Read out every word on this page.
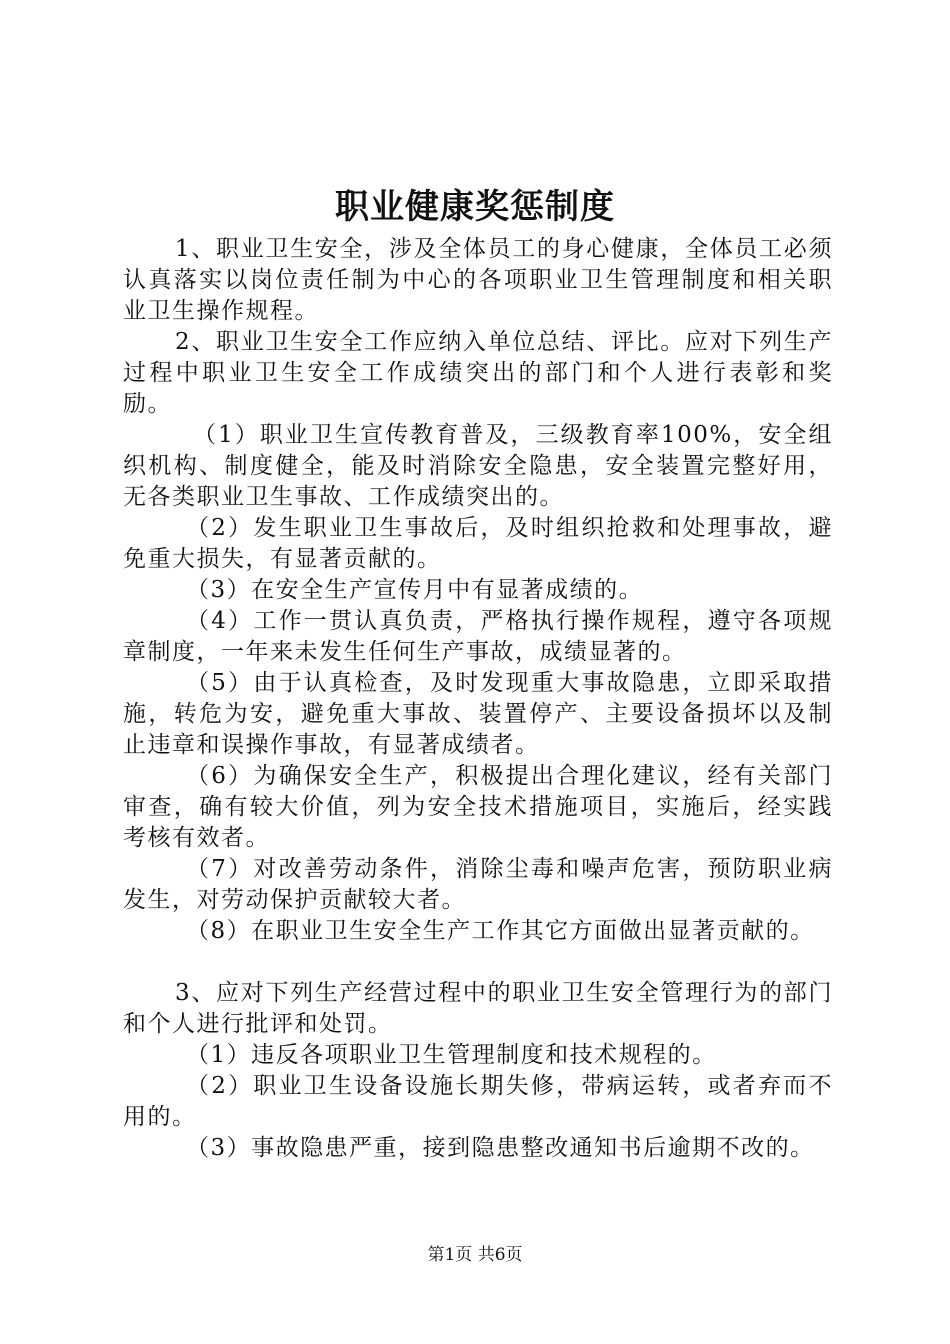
职业健康奖惩制度

1、职业卫生安全，涉及全体员工的身心健康，全体员工必须认真落实以岗位责任制为中心的各项职业卫生管理制度和相关职业卫生操作规程。

2、职业卫生安全工作应纳入单位总结、评比。应对下列生产过程中职业卫生安全工作成绩突出的部门和个人进行表彰和奖励。

（1）职业卫生宣传教育普及，三级教育率100%，安全组织机构、制度健全，能及时消除安全隐患，安全装置完整好用，无各类职业卫生事故、工作成绩突出的。

（2）发生职业卫生事故后，及时组织抢救和处理事故，避免重大损失，有显著贡献的。

（3）在安全生产宣传月中有显著成绩的。

（4）工作一贯认真负责，严格执行操作规程，遵守各项规章制度，一年来未发生任何生产事故，成绩显著的。

（5）由于认真检查，及时发现重大事故隐患，立即采取措施，转危为安，避免重大事故、装置停产、主要设备损坏以及制止违章和误操作事故，有显著成绩者。

（6）为确保安全生产，积极提出合理化建议，经有关部门审查，确有较大价值，列为安全技术措施项目，实施后，经实践考核有效者。

（7）对改善劳动条件，消除尘毒和噪声危害，预防职业病发生，对劳动保护贡献较大者。

（8）在职业卫生安全生产工作其它方面做出显著贡献的。

3、应对下列生产经营过程中的职业卫生安全管理行为的部门和个人进行批评和处罚。

（1）违反各项职业卫生管理制度和技术规程的。

（2）职业卫生设备设施长期失修，带病运转，或者弃而不用的。

（3）事故隐患严重，接到隐患整改通知书后逾期不改的。

第1页 共6页
